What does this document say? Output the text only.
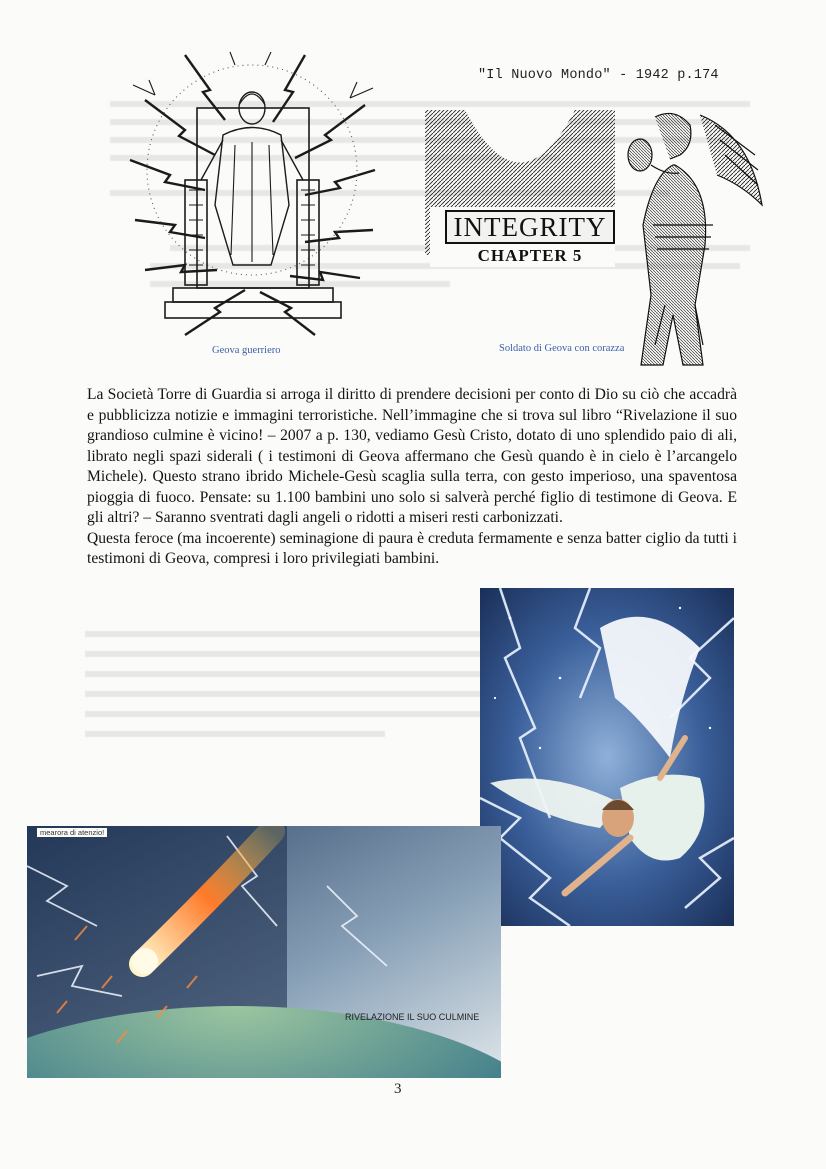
"Il Nuovo Mondo" - 1942 p.174
Geova guerriero
INTEGRITY
CHAPTER 5
Soldato di Geova con corazza

La Società Torre di Guardia si arroga il diritto di prendere decisioni per conto di Dio su ciò che accadrà e pubblicizza notizie e immagini terroristiche. Nell’immagine che si trova sul libro “Rivelazione il suo grandioso culmine è vicino! – 2007 a p. 130, vediamo Gesù Cristo, dotato di uno splendido paio di ali, librato negli spazi siderali ( i testimoni di Geova affermano che Gesù quando è in cielo è l’arcangelo Michele). Questo strano ibrido Michele-Gesù scaglia sulla terra, con gesto imperioso, una spaventosa pioggia di fuoco. Pensate: su 1.100 bambini uno solo si salverà perché figlio di testimone di Geova. E gli altri? – Saranno sventrati dagli angeli o ridotti a miseri resti carbonizzati.

Questa feroce (ma incoerente) seminagione di paura è creduta fermamente e senza batter ciglio da tutti i testimoni di Geova, compresi i loro privilegiati bambini.

mearora di atenzio!
RIVELAZIONE IL SUO CULMINE
3
